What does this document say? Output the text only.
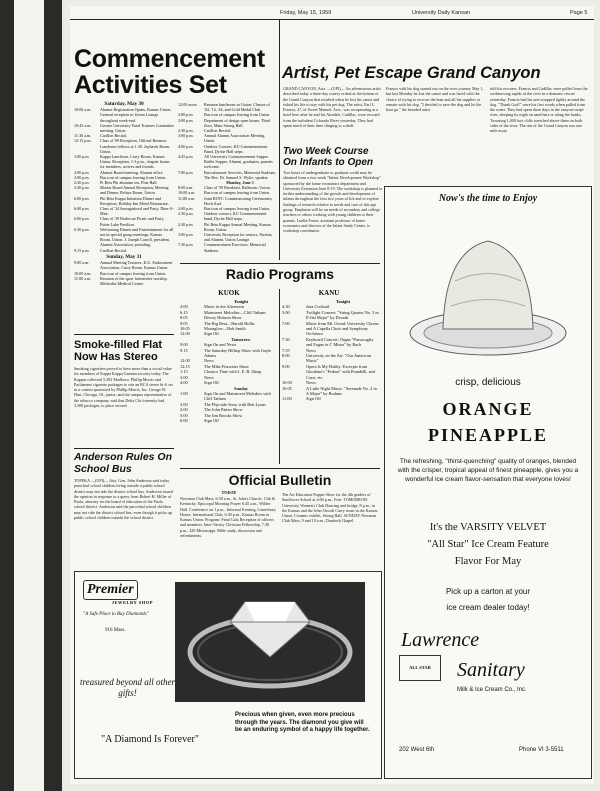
Friday, May 15, 1959	University Daily Kansan	Page 5
Commencement Activities Set
Saturday, May 30
10:00 a.m.	Alumni Registration Opens, Kansas Union, General reception in Union Lounge throughout week-end.
10:45 a.m.	Greater University Fund Trustees Committee meeting, Union.
11:30 a.m.	Carillon Recital.
12:15 p.m.	Class of '09 Reception, Official Reunion Luncheon follows at 1:30, Jayhawk Room, Union.
1:00 p.m.	Kappa Luncheon, Curry Room, Kansas Union. Reception, 1-3 p.m., chapter house, for members, actives and friends.
2:00 p.m.	Alumni Board meeting, Alumni office.
2:00 p.m.	Bus tour of campus leaving from Union.
2:30 p.m.	Pi Beta Phi alumnae tea, Pine Hall.
3:30 p.m.	Mortar Board Annual Reception, Meeting and Dinner, Relays Room, Union.
6:00 p.m.	Phi Beta Kappa Initiation Dinner and Reception, Holiday Inn Motel Restaurant.
6:00 p.m.	Class of '34 Smorgasbord and Party, Dine-A-Mite.
6:00 p.m.	Class of '39 Barbecue Picnic and Party, Potter Lake Pavilion.
6:30 p.m.	Welcoming Dinner and Entertainment for all not in special group meetings, Kansas Room, Union. J. Joseph Carroll, president, Alumni Association, presiding.
9:15 p.m.	Carillon Recital.
Sunday, May 31
9:00 a.m.	Annual Meeting Trustees, K.U. Endowment Association, Curry Room, Kansas Union.
10:00 a.m.	Bus tour of campus leaving from Union.
11:00 a.m.	Reunion of the sport fraternities worship, Methodist Medical Center.
12:00 noon	Reunion luncheons in Union: Classes of '04, '14, '44, and Gold Medal Club.
2:00 p.m.	Bus tour of campus leaving from Union.
2:00 p.m.	Department of design open house, Third floor, Main Strong Hall.
2:30 p.m.	Carillon Recital.
3:00 p.m.	Annual Alumni Association Meeting, Union.
4:00 p.m.	Outdoor Concert, KU Commencement Band, Dyche Hall steps.
4:45 p.m.	All University Commencement Supper. Buffet Supper, Alumni, graduates, parents welcome.
7:00 p.m.	Baccalaureate Services, Memorial Stadium, The Rev. Dr. Samuel S. Wylie, speaker.
Monday, June 1
8:00 a.m.	Class of '59 Breakfast, Ballroom, Union.
10:00 a.m.	Bus tour of campus leaving from Union.
11:00 a.m.	Joint ROTC Commissioning Ceremonies, Hoch Aud.
2:00 p.m.	Bus tour of campus leaving from Union.
2:30 p.m.	Outdoor concert, KU Commencement band, Dyche Hall steps.
2:30 p.m.	Phi Beta Kappa Annual Meeting, Kansas Room, Union.
3:00 p.m.	University Reception for seniors, Parents, and Alumni, Union Lounge.
7:30 p.m.	Commencement Exercises, Memorial Stadium.
Smoke-filled Flat Now Has Stereo
Smoking cigarettes proved to have more than a social value for members of Kappa Kappa Gamma sorority today. The Kappas collected 5,382 Marlboro, Phillip Morris and Parliament cigarette packages to win an RCA stereo hi-fi set in a contest sponsored by Phillip Morris, Inc. George W. Hurt, Chicago, Ill., junior, and the campus representative of the tobacco company, said that Delta Chi fraternity had 3,500 packages, to place second.
Anderson Rules On School Bus
TOPEKA —(UPI)— Atty. Gen. John Anderson said today parochial school children living outside a public school district may not ride the district school bus. Anderson issued the opinion in response to a query from Robert H. Miller of Paola, attorney for the board of education of the Paola school district. Anderson said the parochial school children may not ride the district school bus, even though it picks up public school children outside the school district.
Artist, Pet Escape Grand Canyon
GRAND CANYON, Ariz. —(UPI)— An adventurous artist described today a three-day watery ordeal at the bottom of the Grand Canyon that resulted when he lost his canoe and risked his life to stay with his pet dog. The artist, Earl L. Francis, 27, of Sweet Manuel, Ariz., was recuperating at a hotel here after he and his Airedale, Cadillac, were rescued from the turbulent Colorado River yesterday. They had spent much of their time clinging to a shelf.
Francis with his dog started out on the river journey May 1, but last Monday he lost the canoe and was faced with the choice of trying to recover the boat and all his supplies or remain with his dog. "I decided to save the dog and let the boat go," the bearded artist
told his rescuers. Francis and Cadillac were pulled from the swiftmoving rapids of the river in a dramatic rescue yesterday. Francis had his arm wrapped tightly around the dog. "Thank God!" were his first words when pulled from the water. They had spent three days in the canyon-swept river, sleeping by night on sand bars or along the banks. Towering 1,000 foot cliffs stretched above them on both sides of the river. The rim of the Grand Canyon was one mile away.
Two Week Course On Infants to Open
Two hours of undergraduate or graduate credit may be obtained from a two-week "Infant Development Workshop" sponsored by the home economics department and University Extension June 8-19. The workshop is planned to further understanding of the growth and development of infants throughout the first two years of life and to explore findings of research relative to needs and care of this age group. Emphasis will be on needs of secondary and college teachers or others working with young children or their parents. Luella Foster, assistant professor of home economics and director of the Infant Study Center, is workshop coordinator.
Radio Programs
KUOK	KANU
Tonight
4:00	Music in the Afternoon
6:15	Mainstreet Melodies—Cliff Tatham
8:05	Dewey Hobson Show
9:05	The Big Beat—Harold Hollis
10:05	Moonglow—Bob Smith
12:00	Sign Off
Tomorrow
9:00	Sign On and News
9:15	The Saturday Hilltop Show with Gayle Adams
12:00	News
12:15	The Mike Fitzwater Show
1:15	Classics Time with J. E. B. Sharp
3:00	News
4:00	Sign Off
Sunday
1:00	Sign On and Mainstreet Melodies with Cliff Tatham
2:00	The Flip-side Story with Bob Lyons
2:00	The John Patten Show
5:00	The Jim Brooks Show
6:00	Sign Off
Tonight
4:30	Jazz Cocktail
5:00	Twilight Concert: "String Quartet No. 3 in E-flat Major" by Dvorak
7:00	Music from Mt. Oread: University Chorus and A Capella Choir and Symphony Orchestra
7:30	Keyboard Concert: Organ "Passacaglia and Fugue in C Minor" by Bach
7:55	News
8:00	University on the Air: "Our American Music"
9:00	Opera Is My Hobby: Excerpts from Giordano's "Fedora" with Prandelli, and Corsi, etc.
10:00	News
10:05	A Little Night Music: "Serenade No. 2 in A Major" by Brahms
11:00	Sign Off
Official Bulletin
TODAY
Newman Club Mass, 6:30 a.m., St. John's Church, 13th & Kentucky. Episcopal Morning Prayer 6:45 a.m., Wilder Hall. Conference on 1 p.m., Informal Evening, Canterbury House. International Club, 6:30 p.m., Kansas Room in Kansas Union. Program: Final Gala Reception of officers and members. Inter-Varsity Christian Fellowship, 7:30 p.m., 429 Mississippi. Bible study, discussion and refreshments.
The Art Education Puppet Show for the 4th graders of Sunflower School at 4:00 p.m., Free. TOMORROW University Women's Club Dancing and bridge, 8 p.m., in the Kansas and the John Oswalt Curry room in the Kansas Union. Ceramic exhibit, Strong Hall. SUNDAY Newman Club Mass, 9 and 10 a.m., Danforth Chapel.
Premier
JEWELRY SHOP
"A Safe Place to Buy Diamonds"
916 Mass.
treasured beyond all other gifts!
"A Diamond Is Forever"
Precious when given, even more precious through the years. The diamond you give will be an enduring symbol of a happy life together.
Now's the time to Enjoy
crisp, delicious
ORANGE
PINEAPPLE
The refreshing, "thirst-quenching" quality of oranges, blended with the crisper, tropical appeal of finest pineapple, gives you a wonderful ice cream flavor-sensation that everyone loves!
It's the VARSITY VELVET
"All Star" Ice Cream Feature
Flavor For May
Pick up a carton at your
ice cream dealer today!
Lawrence
Sanitary
ALL STAR
Milk & Ice Cream Co., Inc.
202 West 6th	Phone VI 3-5511
